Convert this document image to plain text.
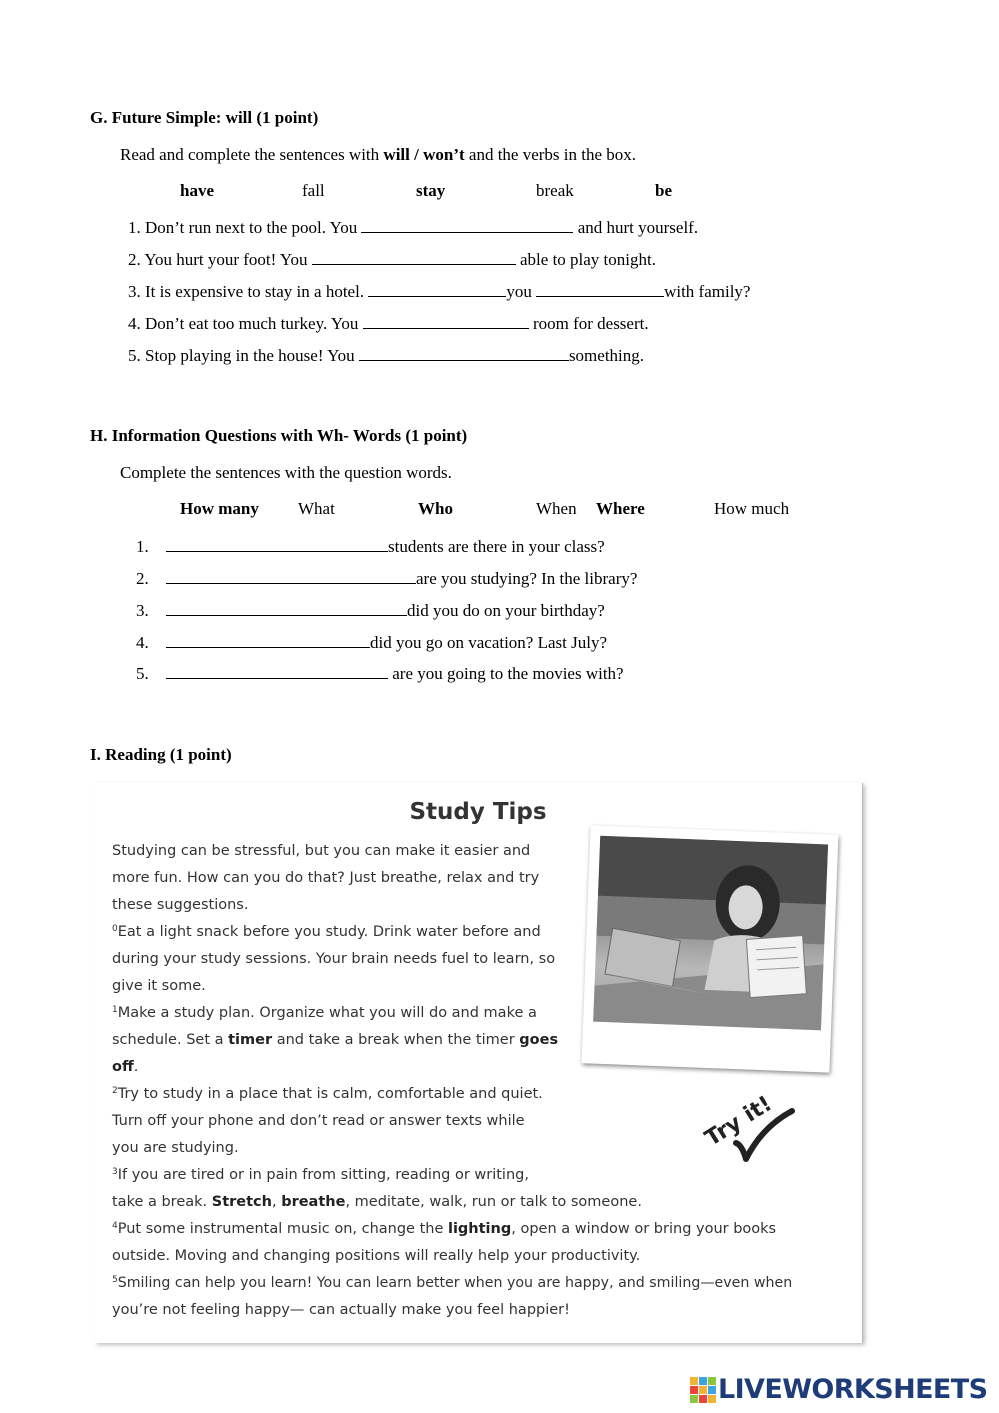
G. Future Simple: will (1 point)
Read and complete the sentences with will / won’t and the verbs in the box.
have	fall	stay	break	be
1. Don’t run next to the pool. You	and hurt yourself.
2. You hurt your foot! You	able to play tonight.
3. It is expensive to stay in a hotel.	you	with family?
4. Don’t eat too much turkey. You	room for dessert.
5. Stop playing in the house! You	something.
H. Information Questions with Wh- Words (1 point)
Complete the sentences with the question words.
How many What	Who	When Where	How much
1.	students are there in your class?
2.	are you studying? In the library?
3.	did you do on your birthday?
4.	did you go on vacation? Last July?
5.	are you going to the movies with?
I. Reading (1 point)
Study Tips
Studying can be stressful, but you can make it easier and
more fun. How can you do that? Just breathe, relax and try
these suggestions.
$^0$Eat a light snack before you study. Drink water before and
during your study sessions. Your brain needs fuel to learn, so
give it some.
$^1$Make a study plan. Organize what you will do and make a
schedule. Set a timer and take a break when the timer goes
off.
$^2$Try to study in a place that is calm, comfortable and quiet.
Turn off your phone and don’t read or answer texts while
you are studying.
$^3$If you are tired or in pain from sitting, reading or writing,
take a break. Stretch, breathe, meditate, walk, run or talk to someone.
$^4$Put some instrumental music on, change the lighting, open a window or bring your books
outside. Moving and changing positions will really help your productivity.
$^5$Smiling can help you learn! You can learn better when you are happy, and smiling—even when
you’re not feeling happy— can actually make you feel happier!
Try it!
LIVEWORKSHEETS
